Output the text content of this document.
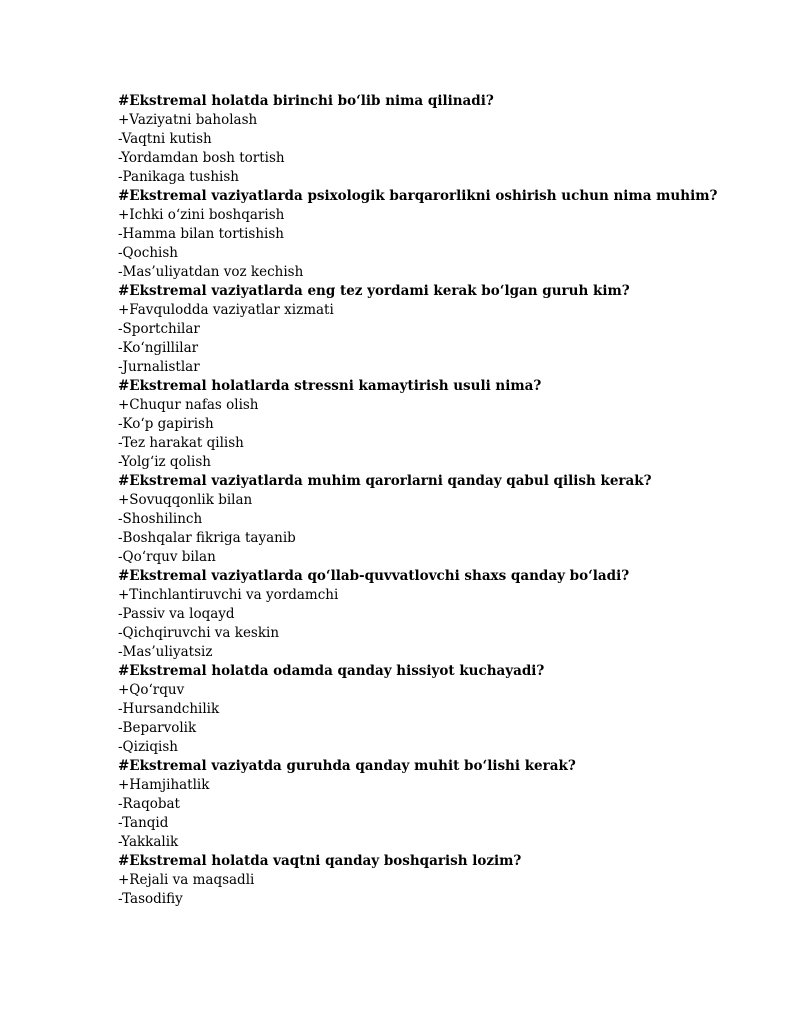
#Ekstremal holatda birinchi bo‘lib nima qilinadi?
+Vaziyatni baholash
-Vaqtni kutish
-Yordamdan bosh tortish
-Panikaga tushish
#Ekstremal vaziyatlarda psixologik barqarorlikni oshirish uchun nima muhim?
+Ichki o‘zini boshqarish
-Hamma bilan tortishish
-Qochish
-Mas’uliyatdan voz kechish
#Ekstremal vaziyatlarda eng tez yordami kerak bo‘lgan guruh kim?
+Favqulodda vaziyatlar xizmati
-Sportchilar
-Ko‘ngillilar
-Jurnalistlar
#Ekstremal holatlarda stressni kamaytirish usuli nima?
+Chuqur nafas olish
-Ko‘p gapirish
-Tez harakat qilish
-Yolg‘iz qolish
#Ekstremal vaziyatlarda muhim qarorlarni qanday qabul qilish kerak?
+Sovuqqonlik bilan
-Shoshilinch
-Boshqalar fikriga tayanib
-Qo‘rquv bilan
#Ekstremal vaziyatlarda qo‘llab-quvvatlovchi shaxs qanday bo‘ladi?
+Tinchlantiruvchi va yordamchi
-Passiv va loqayd
-Qichqiruvchi va keskin
-Mas’uliyatsiz
#Ekstremal holatda odamda qanday hissiyot kuchayadi?
+Qo‘rquv
-Hursandchilik
-Beparvolik
-Qiziqish
#Ekstremal vaziyatda guruhda qanday muhit bo‘lishi kerak?
+Hamjihatlik
-Raqobat
-Tanqid
-Yakkalik
#Ekstremal holatda vaqtni qanday boshqarish lozim?
+Rejali va maqsadli
-Tasodifiy
